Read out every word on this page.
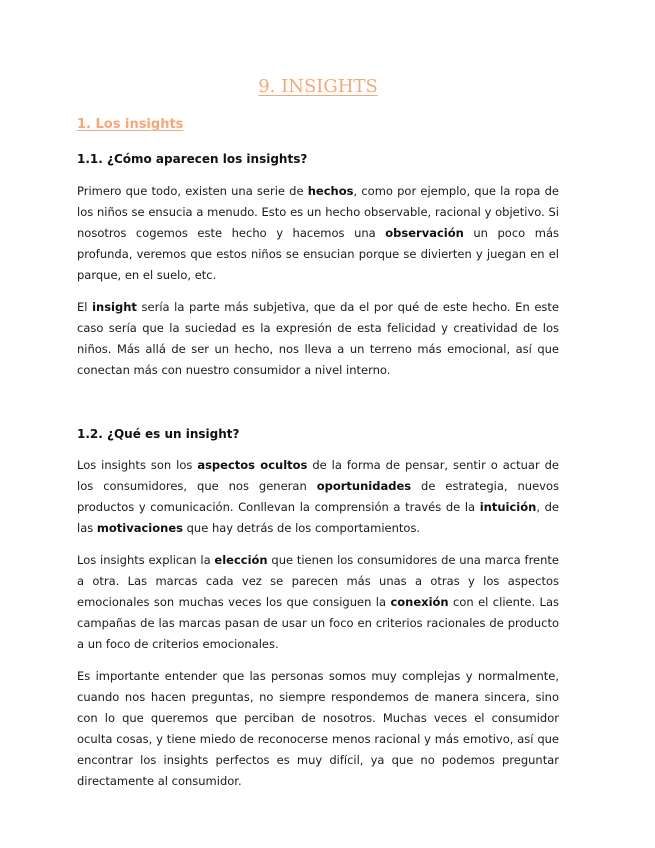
9. INSIGHTS
1. Los insights
1.1. ¿Cómo aparecen los insights?

Primero que todo, existen una serie de hechos, como por ejemplo, que la ropa de los niños se ensucia a menudo. Esto es un hecho observable, racional y objetivo. Si nosotros cogemos este hecho y hacemos una observación un poco más profunda, veremos que estos niños se ensucian porque se divierten y juegan en el parque, en el suelo, etc.

El insight sería la parte más subjetiva, que da el por qué de este hecho. En este caso sería que la suciedad es la expresión de esta felicidad y creatividad de los niños. Más allá de ser un hecho, nos lleva a un terreno más emocional, así que conectan más con nuestro consumidor a nivel interno.

1.2. ¿Qué es un insight?

Los insights son los aspectos ocultos de la forma de pensar, sentir o actuar de los consumidores, que nos generan oportunidades de estrategia, nuevos productos y comunicación. Conllevan la comprensión a través de la intuición, de las motivaciones que hay detrás de los comportamientos.

Los insights explican la elección que tienen los consumidores de una marca frente a otra. Las marcas cada vez se parecen más unas a otras y los aspectos emocionales son muchas veces los que consiguen la conexión con el cliente. Las campañas de las marcas pasan de usar un foco en criterios racionales de producto a un foco de criterios emocionales.

Es importante entender que las personas somos muy complejas y normalmente, cuando nos hacen preguntas, no siempre respondemos de manera sincera, sino con lo que queremos que perciban de nosotros. Muchas veces el consumidor oculta cosas, y tiene miedo de reconocerse menos racional y más emotivo, así que encontrar los insights perfectos es muy difícil, ya que no podemos preguntar directamente al consumidor.
